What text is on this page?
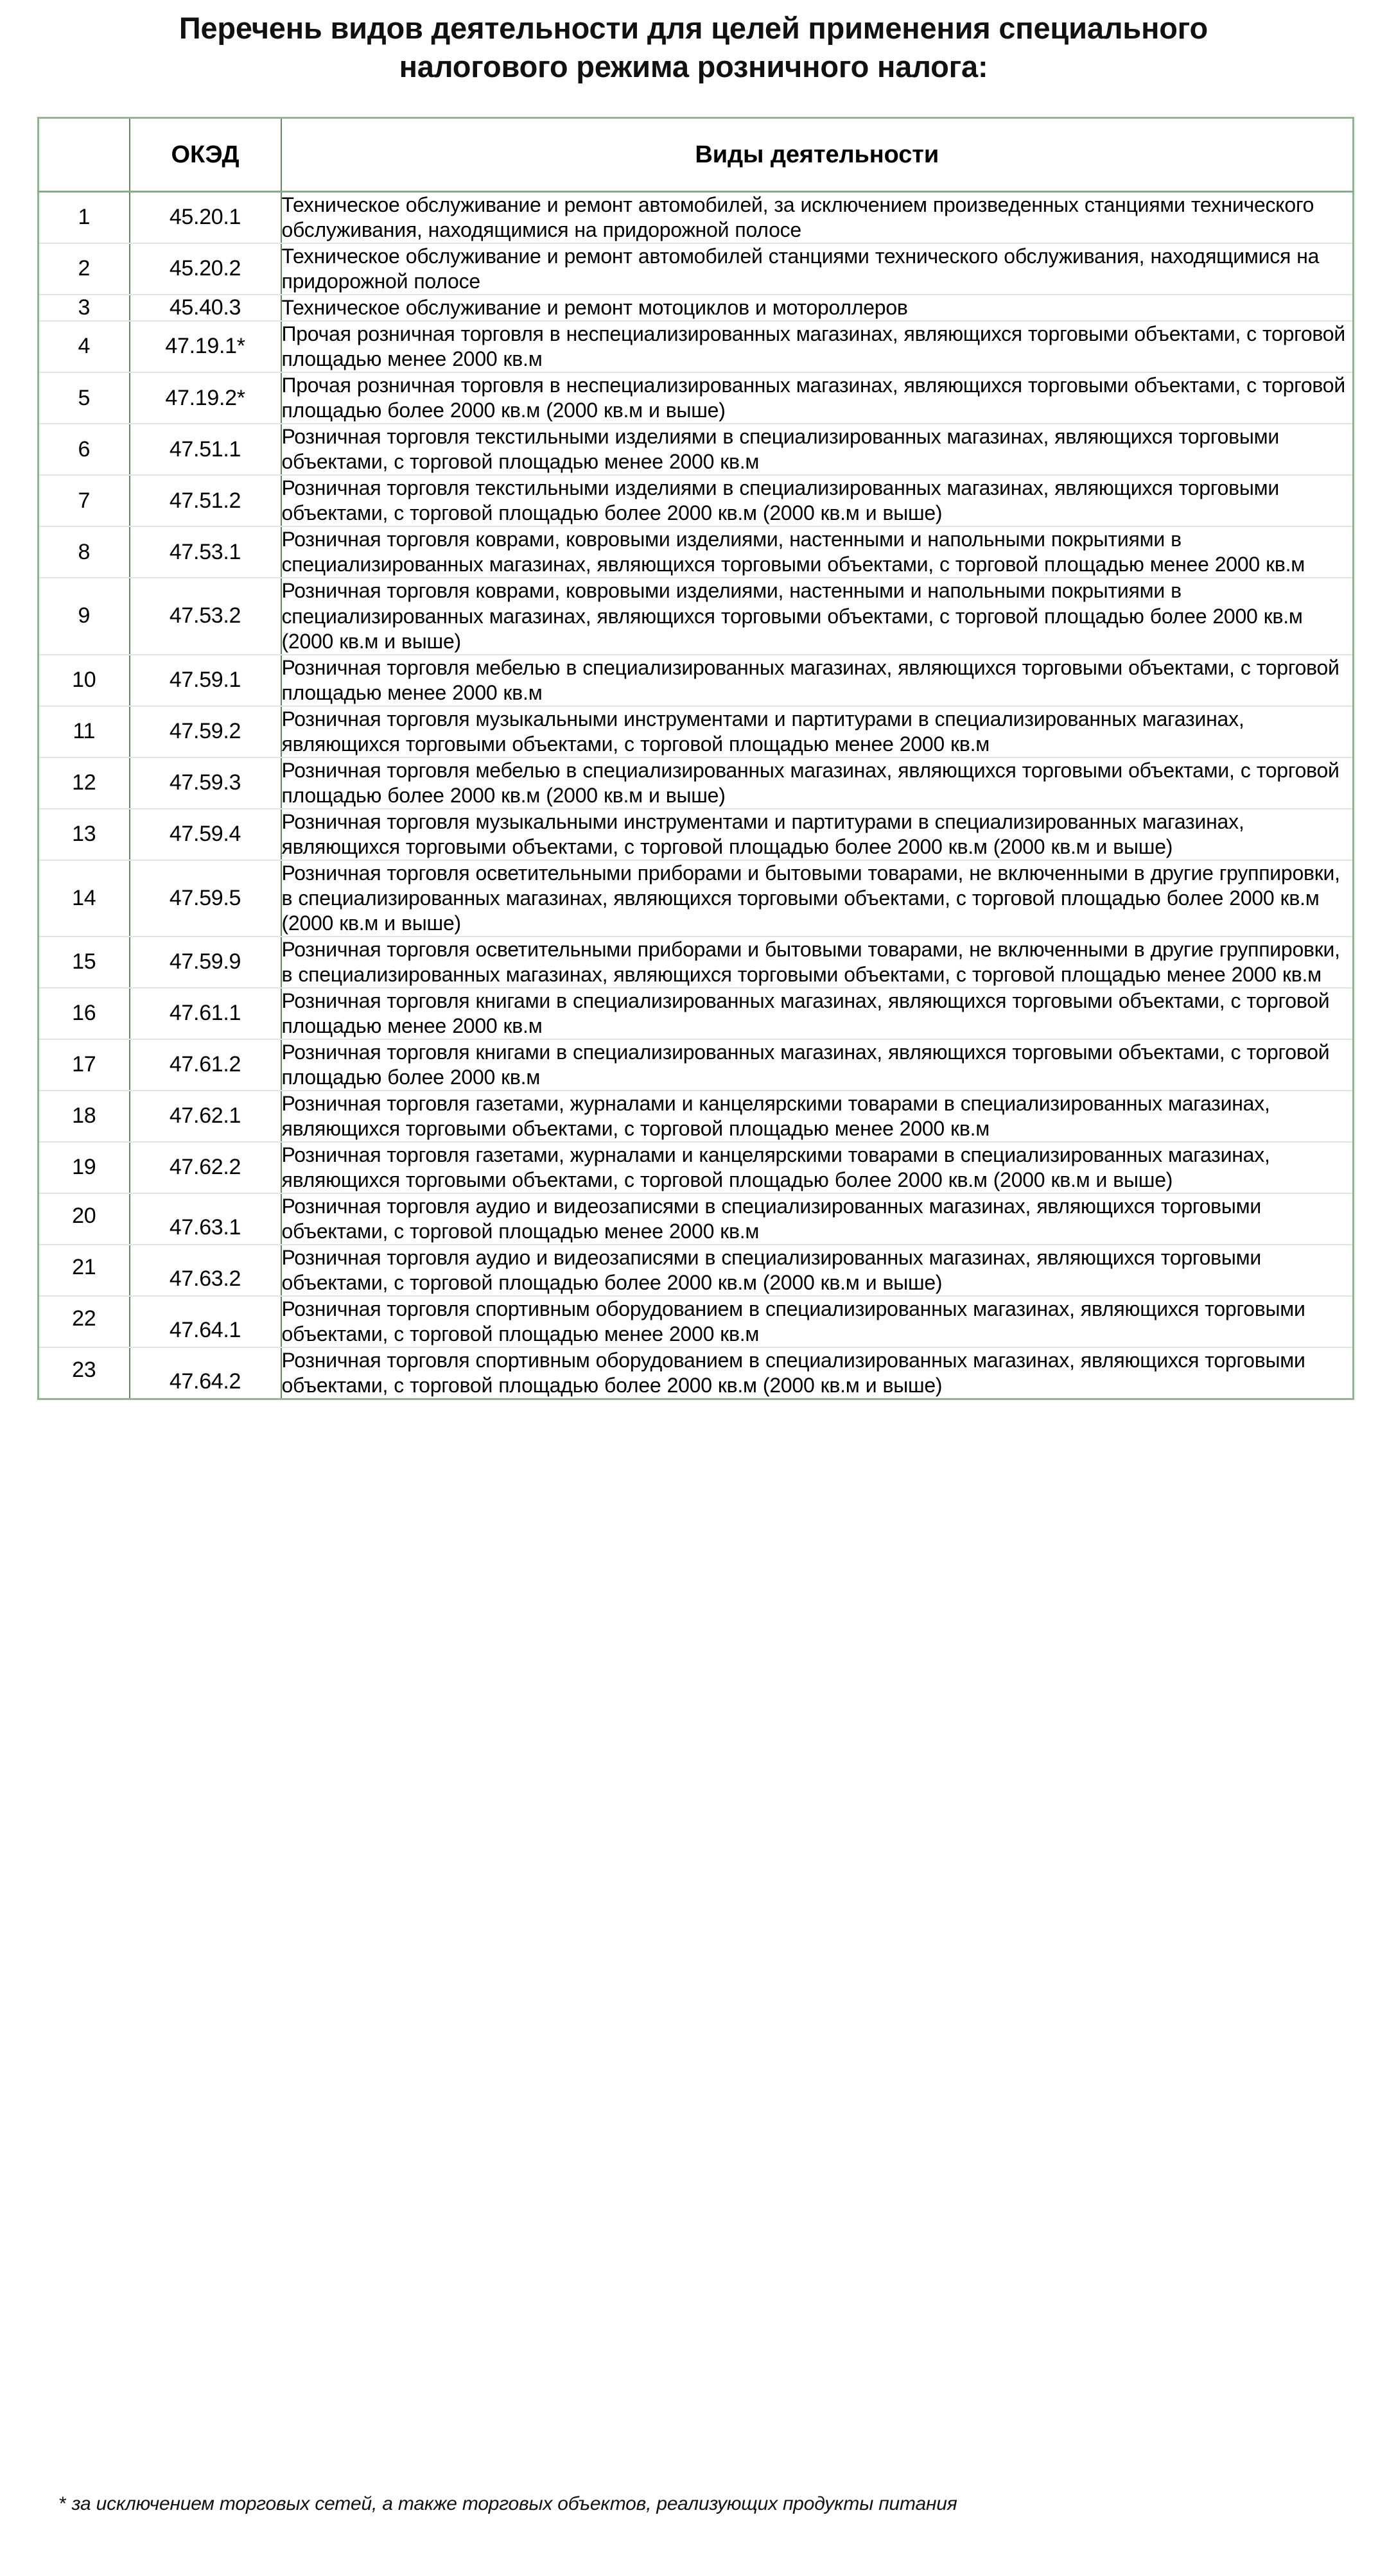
Перечень видов деятельности для целей применения специального
налогового режима розничного налога:
	ОКЭД	Виды деятельности
1	45.20.1	Техническое обслуживание и ремонт автомобилей, за исключением произведенных станциями технического обслуживания, находящимися на придорожной полосе
2	45.20.2	Техническое обслуживание и ремонт автомобилей станциями технического обслуживания, находящимися на придорожной полосе
3	45.40.3	Техническое обслуживание и ремонт мотоциклов и мотороллеров
4	47.19.1*	Прочая розничная торговля в неспециализированных магазинах, являющихся торговыми объектами, с торговой площадью менее 2000 кв.м
5	47.19.2*	Прочая розничная торговля в неспециализированных магазинах, являющихся торговыми объектами, с торговой площадью более 2000 кв.м (2000 кв.м и выше)
6	47.51.1	Розничная торговля текстильными изделиями в специализированных магазинах, являющихся торговыми объектами, с торговой площадью менее 2000 кв.м
7	47.51.2	Розничная торговля текстильными изделиями в специализированных магазинах, являющихся торговыми объектами, с торговой площадью более 2000 кв.м (2000 кв.м и выше)
8	47.53.1	Розничная торговля коврами, ковровыми изделиями, настенными и напольными покрытиями в специализированных магазинах, являющихся торговыми объектами, с торговой площадью менее 2000 кв.м
9	47.53.2	Розничная торговля коврами, ковровыми изделиями, настенными и напольными покрытиями в специализированных магазинах, являющихся торговыми объектами, с торговой площадью более 2000 кв.м (2000 кв.м и выше)
10	47.59.1	Розничная торговля мебелью в специализированных магазинах, являющихся торговыми объектами, с торговой площадью менее 2000 кв.м
11	47.59.2	Розничная торговля музыкальными инструментами и партитурами в специализированных магазинах, являющихся торговыми объектами, с торговой площадью менее 2000 кв.м
12	47.59.3	Розничная торговля мебелью в специализированных магазинах, являющихся торговыми объектами, с торговой площадью более 2000 кв.м (2000 кв.м и выше)
13	47.59.4	Розничная торговля музыкальными инструментами и партитурами в специализированных магазинах, являющихся торговыми объектами, с торговой площадью более 2000 кв.м (2000 кв.м и выше)
14	47.59.5	Розничная торговля осветительными приборами и бытовыми товарами, не включенными в другие группировки, в специализированных магазинах, являющихся торговыми объектами, с торговой площадью более 2000 кв.м (2000 кв.м и выше)
15	47.59.9	Розничная торговля осветительными приборами и бытовыми товарами, не включенными в другие группировки, в специализированных магазинах, являющихся торговыми объектами, с торговой площадью менее 2000 кв.м
16	47.61.1	Розничная торговля книгами в специализированных магазинах, являющихся торговыми объектами, с торговой площадью менее 2000 кв.м
17	47.61.2	Розничная торговля книгами в специализированных магазинах, являющихся торговыми объектами, с торговой площадью более 2000 кв.м
18	47.62.1	Розничная торговля газетами, журналами и канцелярскими товарами в специализированных магазинах, являющихся торговыми объектами, с торговой площадью менее 2000 кв.м
19	47.62.2	Розничная торговля газетами, журналами и канцелярскими товарами в специализированных магазинах, являющихся торговыми объектами, с торговой площадью более 2000 кв.м (2000 кв.м и выше)
20	47.63.1	Розничная торговля аудио и видеозаписями в специализированных магазинах, являющихся торговыми объектами, с торговой площадью менее 2000 кв.м
21	47.63.2	Розничная торговля аудио и видеозаписями в специализированных магазинах, являющихся торговыми объектами, с торговой площадью более 2000 кв.м (2000 кв.м и выше)
22	47.64.1	Розничная торговля спортивным оборудованием в специализированных магазинах, являющихся торговыми объектами, с торговой площадью менее 2000 кв.м
23	47.64.2	Розничная торговля спортивным оборудованием в специализированных магазинах, являющихся торговыми объектами, с торговой площадью более 2000 кв.м (2000 кв.м и выше)
* за исключением торговых сетей, а также торговых объектов, реализующих продукты питания
